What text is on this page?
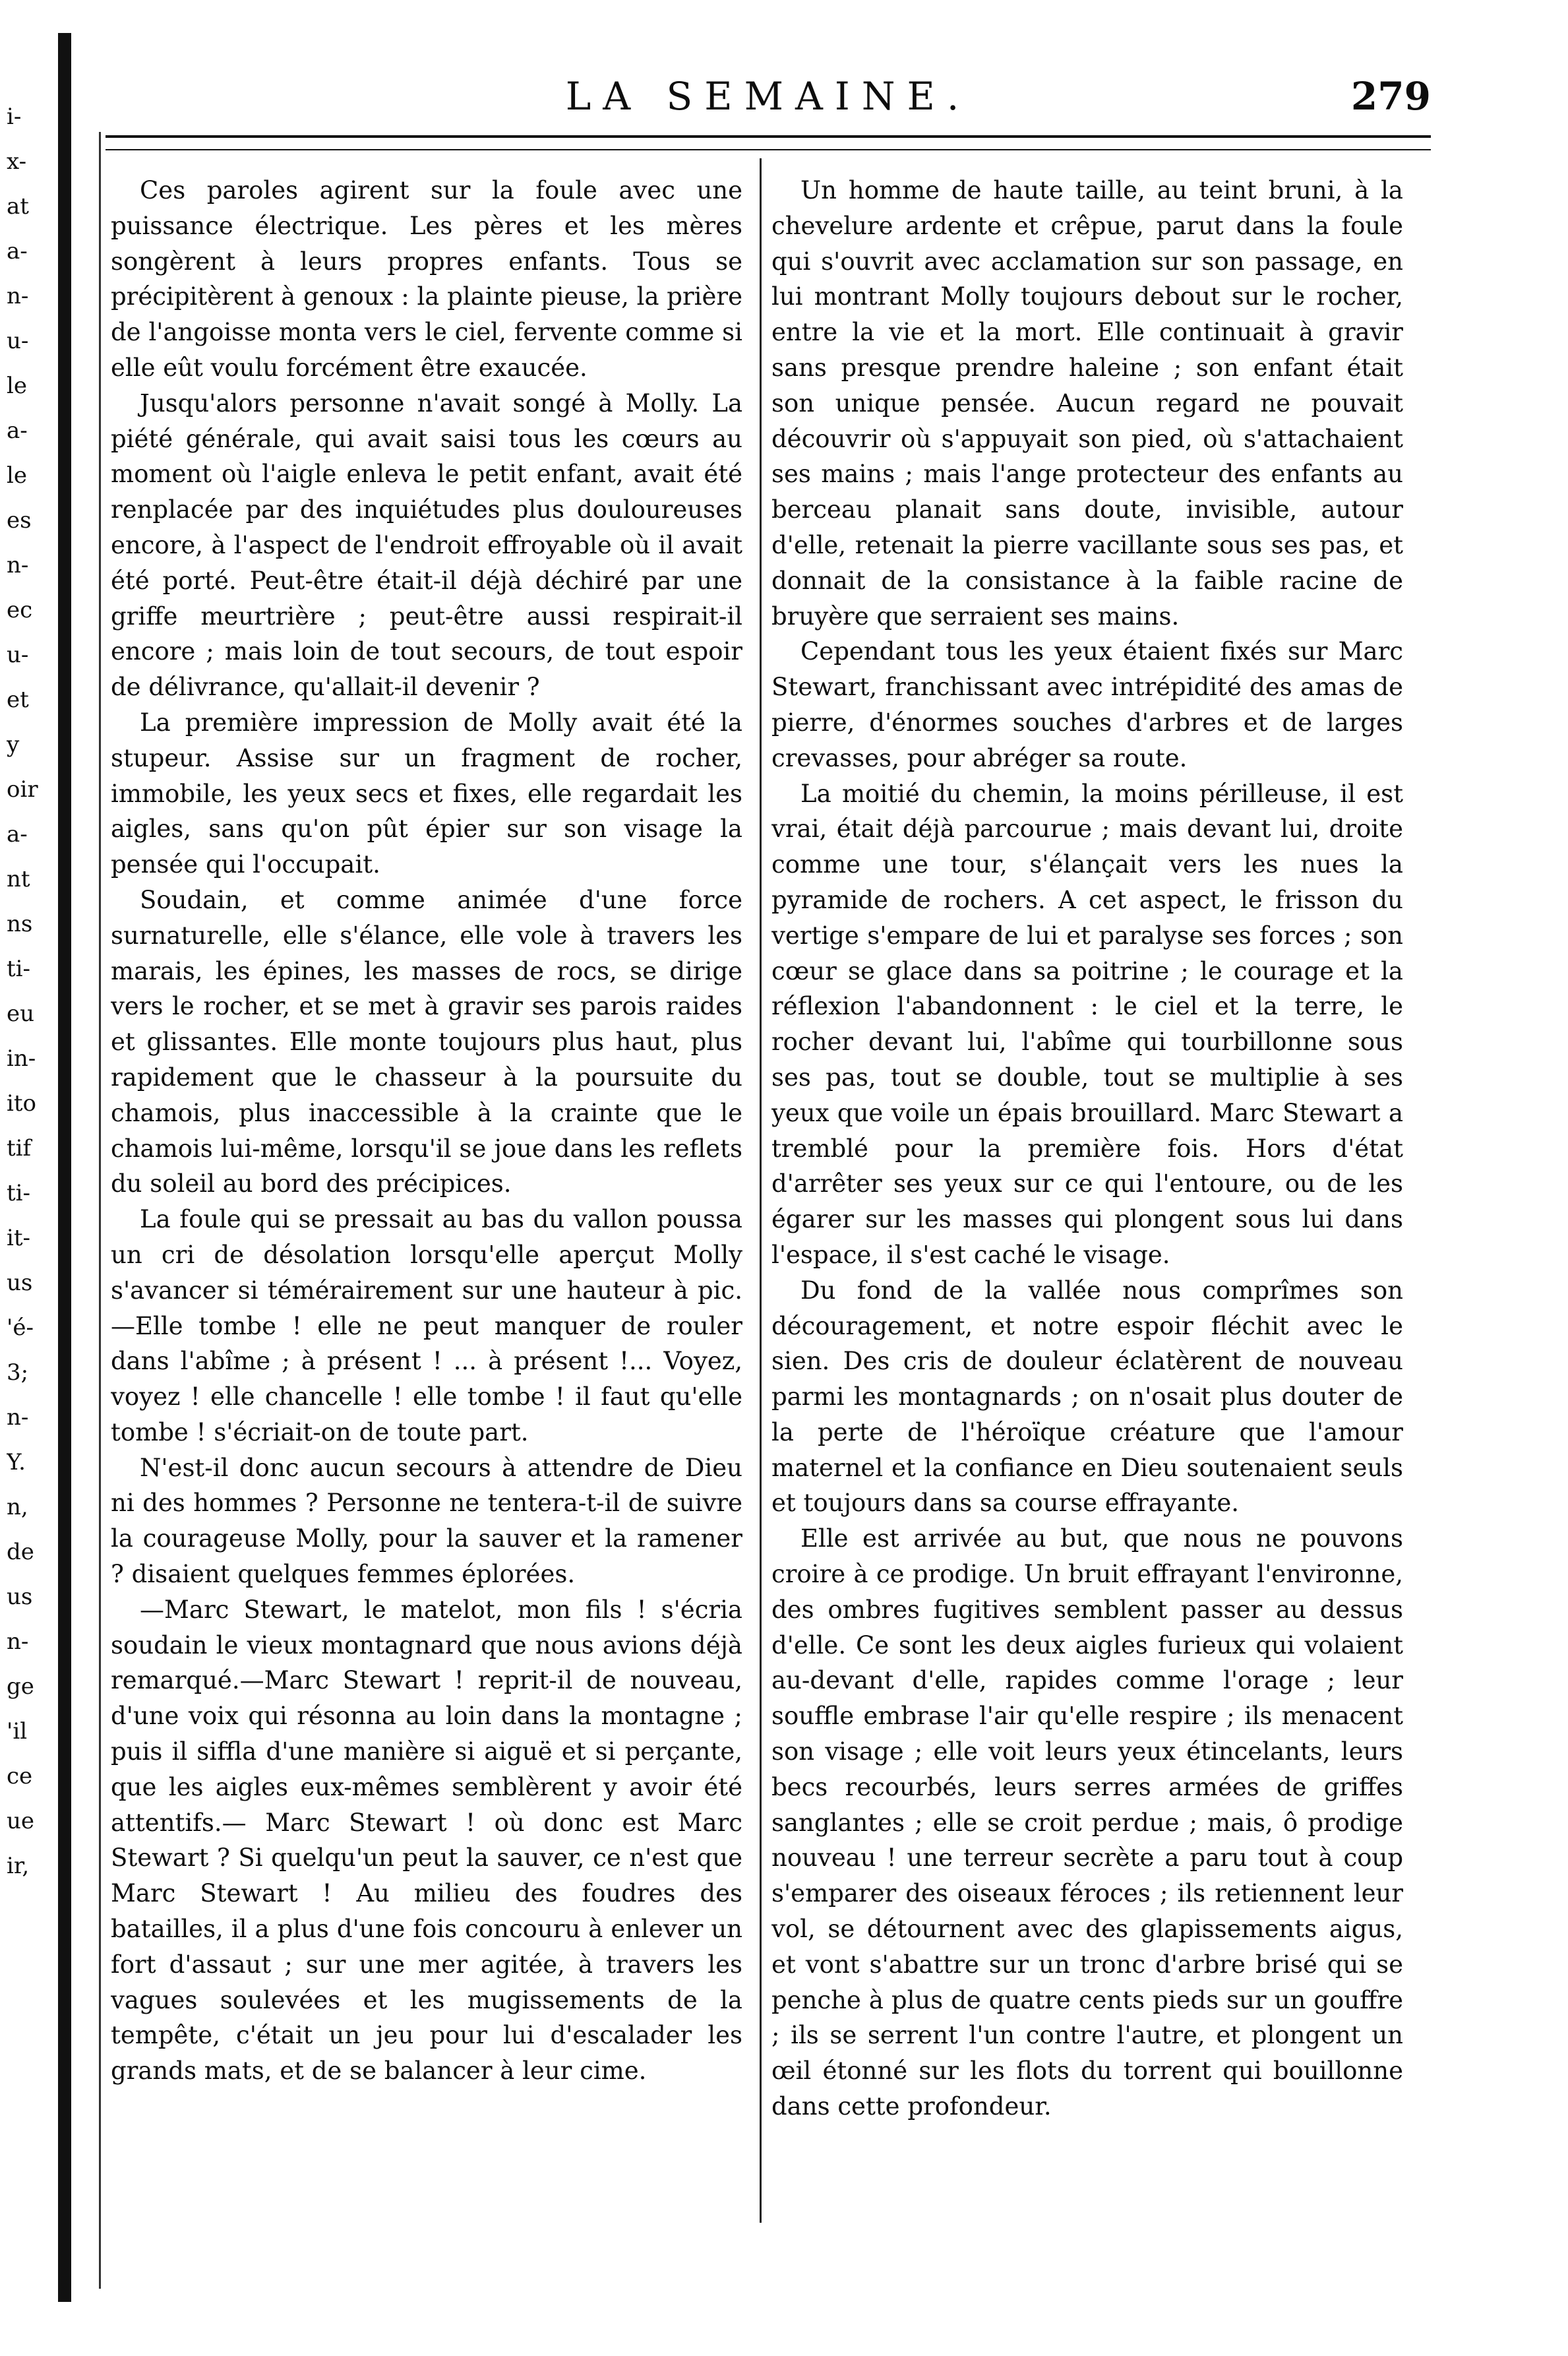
i-
x-
at
a-
n-
u-
le
a-
le
es
n-
ec
u-
et
y
oir
a-
nt
ns
ti-
eu
in-
ito
tif
ti-
it-
us
'é-
3;
n-
Y.
n,
de
us
n-
ge
'il
ce
ue
ir,
LA SEMAINE.	279

Ces paroles agirent sur la foule avec une puissance électrique. Les pères et les mères songèrent à leurs propres enfants. Tous se précipitèrent à genoux : la plainte pieuse, la prière de l'angoisse monta vers le ciel, fervente comme si elle eût voulu forcément être exaucée.

Jusqu'alors personne n'avait songé à Molly. La piété générale, qui avait saisi tous les cœurs au moment où l'aigle enleva le petit enfant, avait été renplacée par des inquiétudes plus douloureuses encore, à l'aspect de l'endroit effroyable où il avait été porté. Peut-être était-il déjà déchiré par une griffe meurtrière ; peut-être aussi respirait-il encore ; mais loin de tout secours, de tout espoir de délivrance, qu'allait-il devenir ?

La première impression de Molly avait été la stupeur. Assise sur un fragment de rocher, immobile, les yeux secs et fixes, elle regardait les aigles, sans qu'on pût épier sur son visage la pensée qui l'occupait.

Soudain, et comme animée d'une force surnaturelle, elle s'élance, elle vole à travers les marais, les épines, les masses de rocs, se dirige vers le rocher, et se met à gravir ses parois raides et glissantes. Elle monte toujours plus haut, plus rapidement que le chasseur à la poursuite du chamois, plus inaccessible à la crainte que le chamois lui-même, lorsqu'il se joue dans les reflets du soleil au bord des précipices.

La foule qui se pressait au bas du vallon poussa un cri de désolation lorsqu'elle aperçut Molly s'avancer si témérairement sur une hauteur à pic.—Elle tombe ! elle ne peut manquer de rouler dans l'abîme ; à présent ! ... à présent !... Voyez, voyez ! elle chancelle ! elle tombe ! il faut qu'elle tombe ! s'écriait-on de toute part.

N'est-il donc aucun secours à attendre de Dieu ni des hommes ? Personne ne tentera-t-il de suivre la courageuse Molly, pour la sauver et la ramener ? disaient quelques femmes éplorées.

—Marc Stewart, le matelot, mon fils ! s'écria soudain le vieux montagnard que nous avions déjà remarqué.—Marc Stewart ! reprit-il de nouveau, d'une voix qui résonna au loin dans la montagne ; puis il siffla d'une manière si aiguë et si perçante, que les aigles eux-mêmes semblèrent y avoir été attentifs.— Marc Stewart ! où donc est Marc Stewart ? Si quelqu'un peut la sauver, ce n'est que Marc Stewart ! Au milieu des foudres des batailles, il a plus d'une fois concouru à enlever un fort d'assaut ; sur une mer agitée, à travers les vagues soulevées et les mugissements de la tempête, c'était un jeu pour lui d'escalader les grands mats, et de se balancer à leur cime.

Un homme de haute taille, au teint bruni, à la chevelure ardente et crêpue, parut dans la foule qui s'ouvrit avec acclamation sur son passage, en lui montrant Molly toujours debout sur le rocher, entre la vie et la mort. Elle continuait à gravir sans presque prendre haleine ; son enfant était son unique pensée. Aucun regard ne pouvait découvrir où s'appuyait son pied, où s'attachaient ses mains ; mais l'ange protecteur des enfants au berceau planait sans doute, invisible, autour d'elle, retenait la pierre vacillante sous ses pas, et donnait de la consistance à la faible racine de bruyère que serraient ses mains.

Cependant tous les yeux étaient fixés sur Marc Stewart, franchissant avec intrépidité des amas de pierre, d'énormes souches d'arbres et de larges crevasses, pour abréger sa route.

La moitié du chemin, la moins périlleuse, il est vrai, était déjà parcourue ; mais devant lui, droite comme une tour, s'élançait vers les nues la pyramide de rochers. A cet aspect, le frisson du vertige s'empare de lui et paralyse ses forces ; son cœur se glace dans sa poitrine ; le courage et la réflexion l'abandonnent : le ciel et la terre, le rocher devant lui, l'abîme qui tourbillonne sous ses pas, tout se double, tout se multiplie à ses yeux que voile un épais brouillard. Marc Stewart a tremblé pour la première fois. Hors d'état d'arrêter ses yeux sur ce qui l'entoure, ou de les égarer sur les masses qui plongent sous lui dans l'espace, il s'est caché le visage.

Du fond de la vallée nous comprîmes son découragement, et notre espoir fléchit avec le sien. Des cris de douleur éclatèrent de nouveau parmi les montagnards ; on n'osait plus douter de la perte de l'héroïque créature que l'amour maternel et la confiance en Dieu soutenaient seuls et toujours dans sa course effrayante.

Elle est arrivée au but, que nous ne pouvons croire à ce prodige. Un bruit effrayant l'environne, des ombres fugitives semblent passer au dessus d'elle. Ce sont les deux aigles furieux qui volaient au-devant d'elle, rapides comme l'orage ; leur souffle embrase l'air qu'elle respire ; ils menacent son visage ; elle voit leurs yeux étincelants, leurs becs recourbés, leurs serres armées de griffes sanglantes ; elle se croit perdue ; mais, ô prodige nouveau ! une terreur secrète a paru tout à coup s'emparer des oiseaux féroces ; ils retiennent leur vol, se détournent avec des glapissements aigus, et vont s'abattre sur un tronc d'arbre brisé qui se penche à plus de quatre cents pieds sur un gouffre ; ils se serrent l'un contre l'autre, et plongent un œil étonné sur les flots du torrent qui bouillonne dans cette profondeur.
